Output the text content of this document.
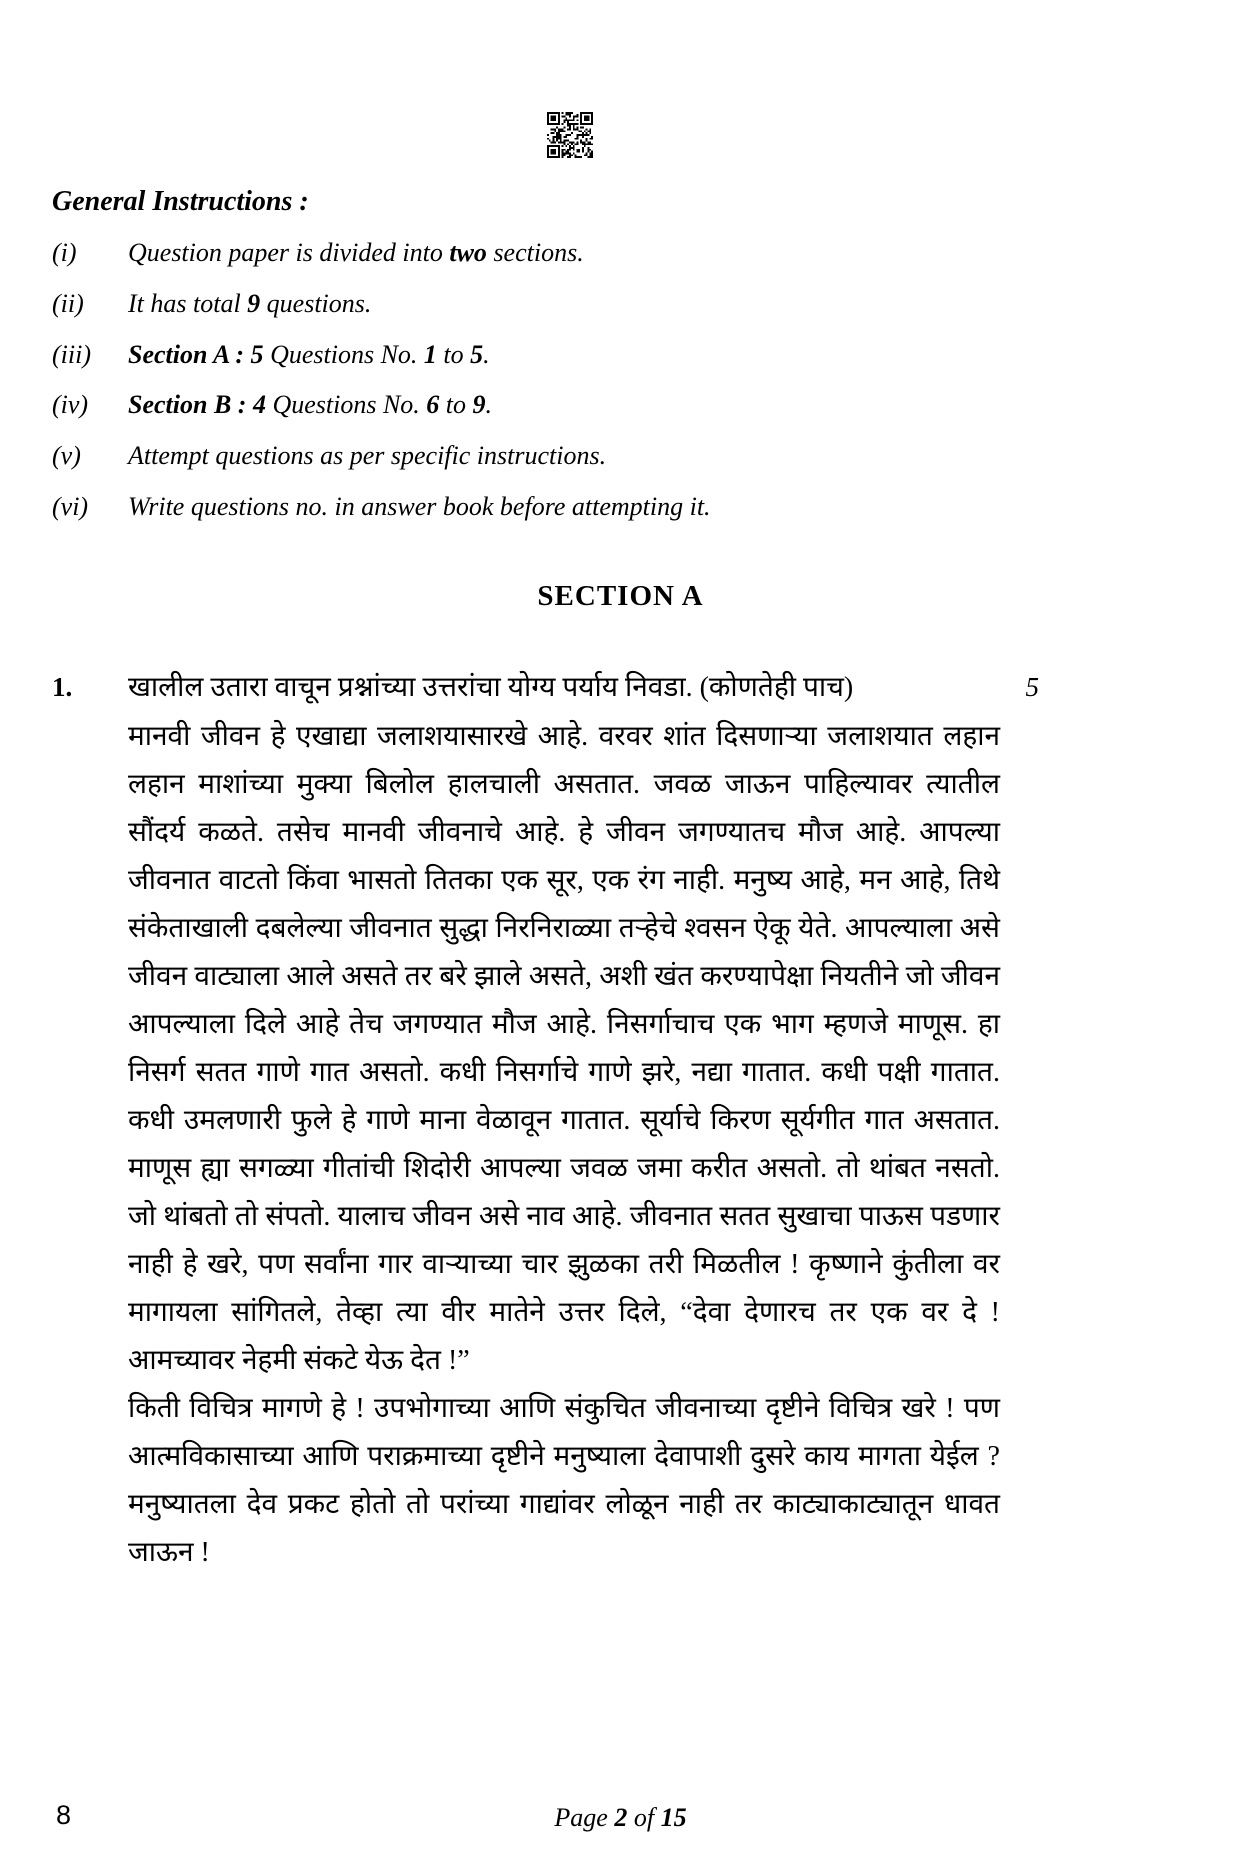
General Instructions :
(i)	Question paper is divided into two sections.
(ii)	It has total 9 questions.
(iii)	Section A : 5 Questions No. 1 to 5.
(iv)	Section B : 4 Questions No. 6 to 9.
(v)	Attempt questions as per specific instructions.
(vi)	Write questions no. in answer book before attempting it.
SECTION A
1.	खालील उतारा वाचून प्रश्नांच्या उत्तरांचा योग्य पर्याय निवडा. (कोणतेही पाच)	5

मानवी जीवन हे एखाद्या जलाशयासारखे आहे. वरवर शांत दिसणाऱ्या जलाशयात लहान लहान माशांच्या मुक्या बिलोल हालचाली असतात. जवळ जाऊन पाहिल्यावर त्यातील सौंदर्य कळते. तसेच मानवी जीवनाचे आहे. हे जीवन जगण्यातच मौज आहे. आपल्या जीवनात वाटतो किंवा भासतो तितका एक सूर, एक रंग नाही. मनुष्य आहे, मन आहे, तिथे संकेताखाली दबलेल्या जीवनात सुद्धा निरनिराळ्या तऱ्हेचे श्वसन ऐकू येते. आपल्याला असे जीवन वाट्याला आले असते तर बरे झाले असते, अशी खंत करण्यापेक्षा नियतीने जो जीवन आपल्याला दिले आहे तेच जगण्यात मौज आहे. निसर्गाचाच एक भाग म्हणजे माणूस. हा निसर्ग सतत गाणे गात असतो. कधी निसर्गाचे गाणे झरे, नद्या गातात. कधी पक्षी गातात. कधी उमलणारी फुले हे गाणे माना वेळावून गातात. सूर्याचे किरण सूर्यगीत गात असतात. माणूस ह्या सगळ्या गीतांची शिदोरी आपल्या जवळ जमा करीत असतो. तो थांबत नसतो. जो थांबतो तो संपतो. यालाच जीवन असे नाव आहे. जीवनात सतत सुखाचा पाऊस पडणार नाही हे खरे, पण सर्वांना गार वाऱ्याच्या चार झुळका तरी मिळतील ! कृष्णाने कुंतीला वर मागायला सांगितले, तेव्हा त्या वीर मातेने उत्तर दिले, “देवा देणारच तर एक वर दे ! आमच्यावर नेहमी संकटे येऊ देत !”

किती विचित्र मागणे हे ! उपभोगाच्या आणि संकुचित जीवनाच्या दृष्टीने विचित्र खरे ! पण आत्मविकासाच्या आणि पराक्रमाच्या दृष्टीने मनुष्याला देवापाशी दुसरे काय मागता येईल ? मनुष्यातला देव प्रकट होतो तो परांच्या गाद्यांवर लोळून नाही तर काट्याकाट्यातून धावत जाऊन !

8	Page 2 of 15
